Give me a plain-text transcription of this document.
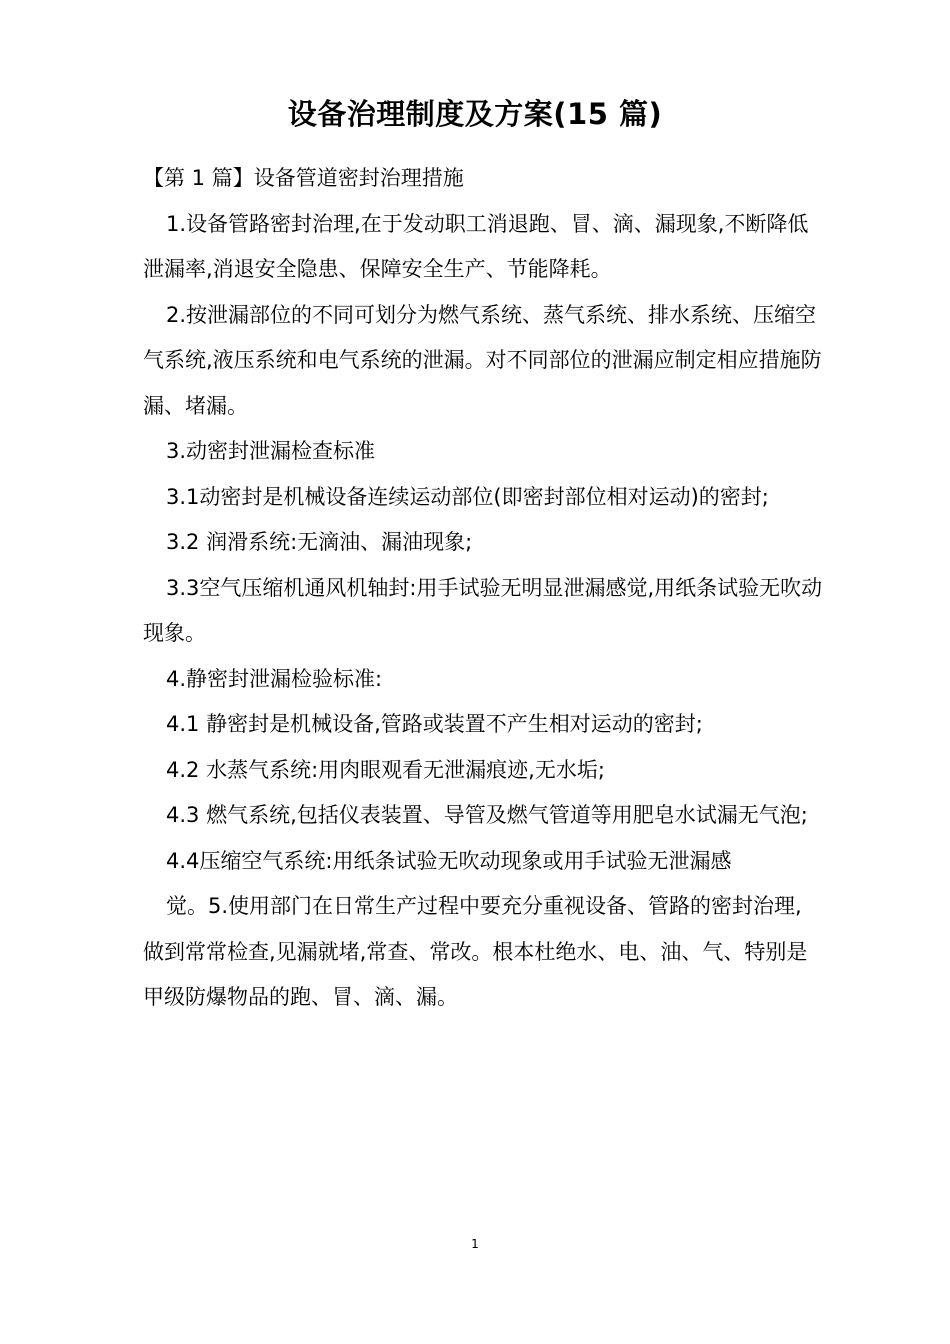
设备治理制度及方案(15 篇)

【第 1 篇】设备管道密封治理措施

1.设备管路密封治理,在于发动职工消退跑、冒、滴、漏现象,不断降低泄漏率,消退安全隐患、保障安全生产、节能降耗。

2.按泄漏部位的不同可划分为燃气系统、蒸气系统、排水系统、压缩空气系统,液压系统和电气系统的泄漏。对不同部位的泄漏应制定相应措施防漏、堵漏。

3.动密封泄漏检查标准

3.1动密封是机械设备连续运动部位(即密封部位相对运动)的密封;

3.2 润滑系统:无滴油、漏油现象;

3.3空气压缩机通风机轴封:用手试验无明显泄漏感觉,用纸条试验无吹动现象。

4.静密封泄漏检验标准:

4.1 静密封是机械设备,管路或装置不产生相对运动的密封;

4.2 水蒸气系统:用肉眼观看无泄漏痕迹,无水垢;

4.3 燃气系统,包括仪表装置、导管及燃气管道等用肥皂水试漏无气泡;

4.4压缩空气系统:用纸条试验无吹动现象或用手试验无泄漏感

觉。5.使用部门在日常生产过程中要充分重视设备、管路的密封治理,

做到常常检查,见漏就堵,常查、常改。根本杜绝水、电、油、气、特别是甲级防爆物品的跑、冒、滴、漏。

1
